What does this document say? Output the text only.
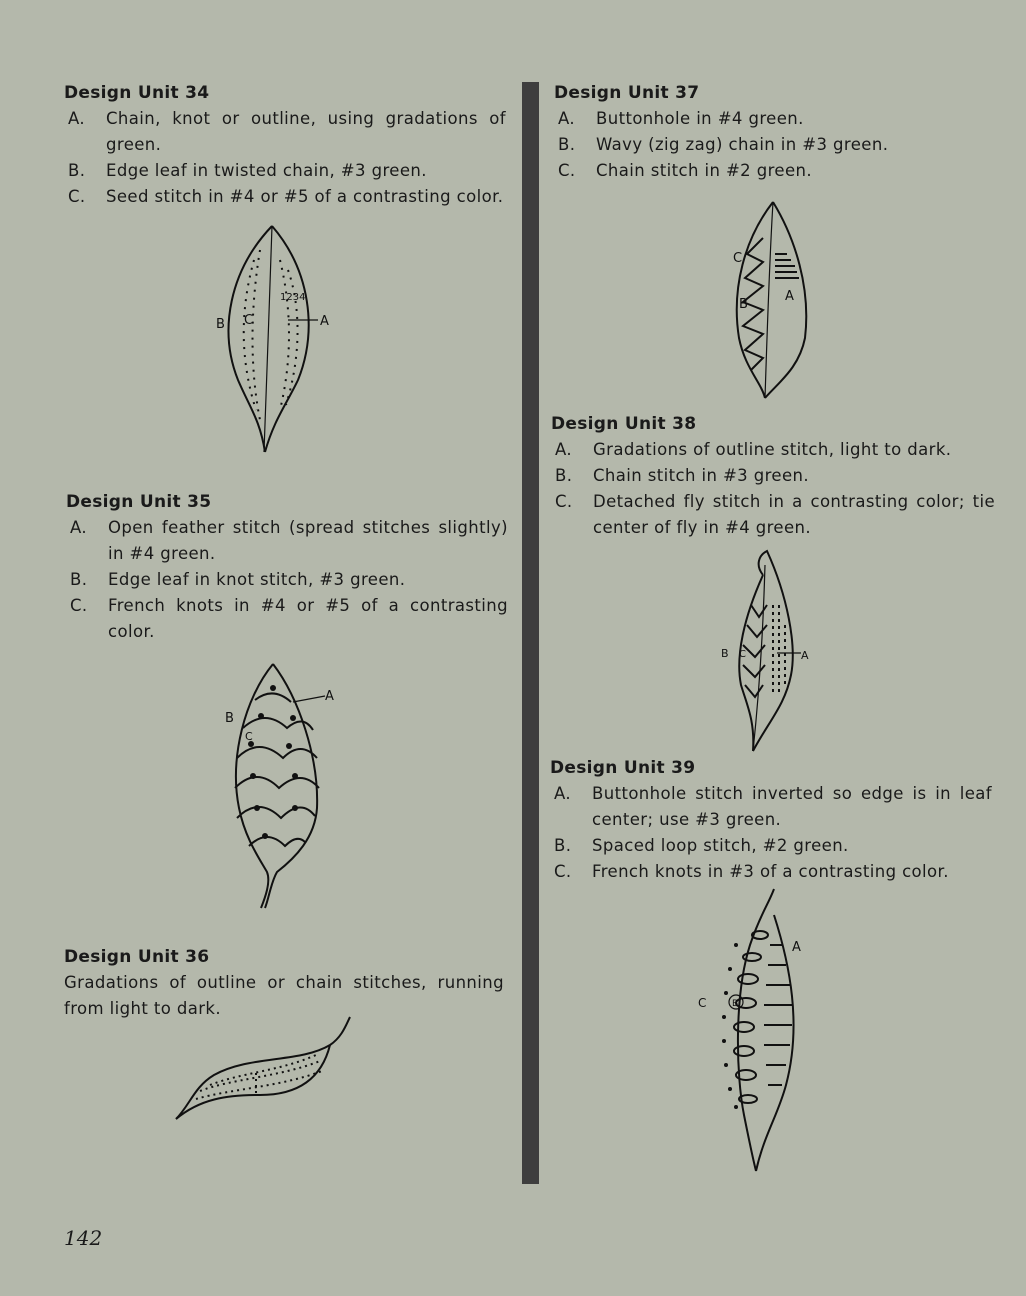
Design Unit 34
A.	Chain, knot or outline, using gradations of green.
B.	Edge leaf in twisted chain, #3 green.
C.	Seed stitch in #4 or #5 of a contrasting color.
B C
1234
A
Design Unit 35
A.	Open feather stitch (spread stitches slightly) in #4 green.
B.	Edge leaf in knot stitch, #3 green.
C.	French knots in #4 or #5 of a contrasting color.
A
B
C
Design Unit 36
Gradations of outline or chain stitches, running from light to dark.
Design Unit 37
A.	Buttonhole in #4 green.
B.	Wavy (zig zag) chain in #3 green.
C.	Chain stitch in #2 green.
C
B
A
Design Unit 38
A.	Gradations of outline stitch, light to dark.
B.	Chain stitch in #3 green.
C.	Detached fly stitch in a contrasting color; tie center of fly in #4 green.
B C	A
Design Unit 39
A.	Buttonhole stitch inverted so edge is in leaf center; use #3 green.
B.	Spaced loop stitch, #2 green.
C.	French knots in #3 of a contrasting color.
A
C	B
142
